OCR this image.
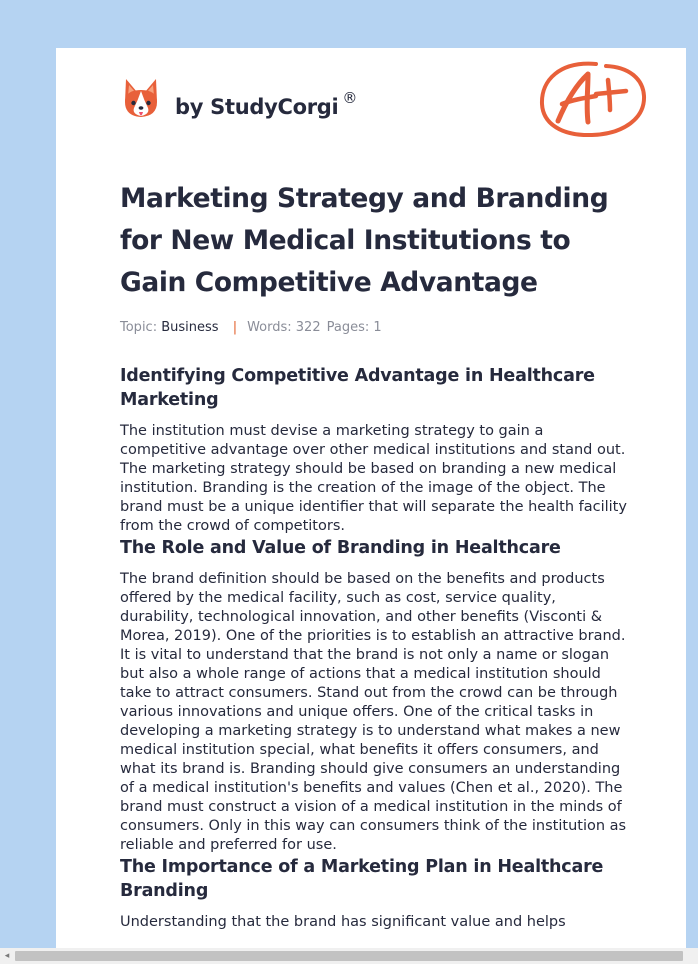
by StudyCorgi ®
Marketing Strategy and Branding for New Medical Institutions to Gain Competitive Advantage
Topic: Business | Words: 322 Pages: 1
Identifying Competitive Advantage in Healthcare Marketing

The institution must devise a marketing strategy to gain a competitive advantage over other medical institutions and stand out. The marketing strategy should be based on branding a new medical institution. Branding is the creation of the image of the object. The brand must be a unique identifier that will separate the health facility from the crowd of competitors.

The Role and Value of Branding in Healthcare

The brand definition should be based on the benefits and products offered by the medical facility, such as cost, service quality, durability, technological innovation, and other benefits (Visconti & Morea, 2019). One of the priorities is to establish an attractive brand. It is vital to understand that the brand is not only a name or slogan but also a whole range of actions that a medical institution should take to attract consumers. Stand out from the crowd can be through various innovations and unique offers. One of the critical tasks in developing a marketing strategy is to understand what makes a new medical institution special, what benefits it offers consumers, and what its brand is. Branding should give consumers an understanding of a medical institution's benefits and values (Chen et al., 2020). The brand must construct a vision of a medical institution in the minds of consumers. Only in this way can consumers think of the institution as reliable and preferred for use.

The Importance of a Marketing Plan in Healthcare Branding

Understanding that the brand has significant value and helps

◂
